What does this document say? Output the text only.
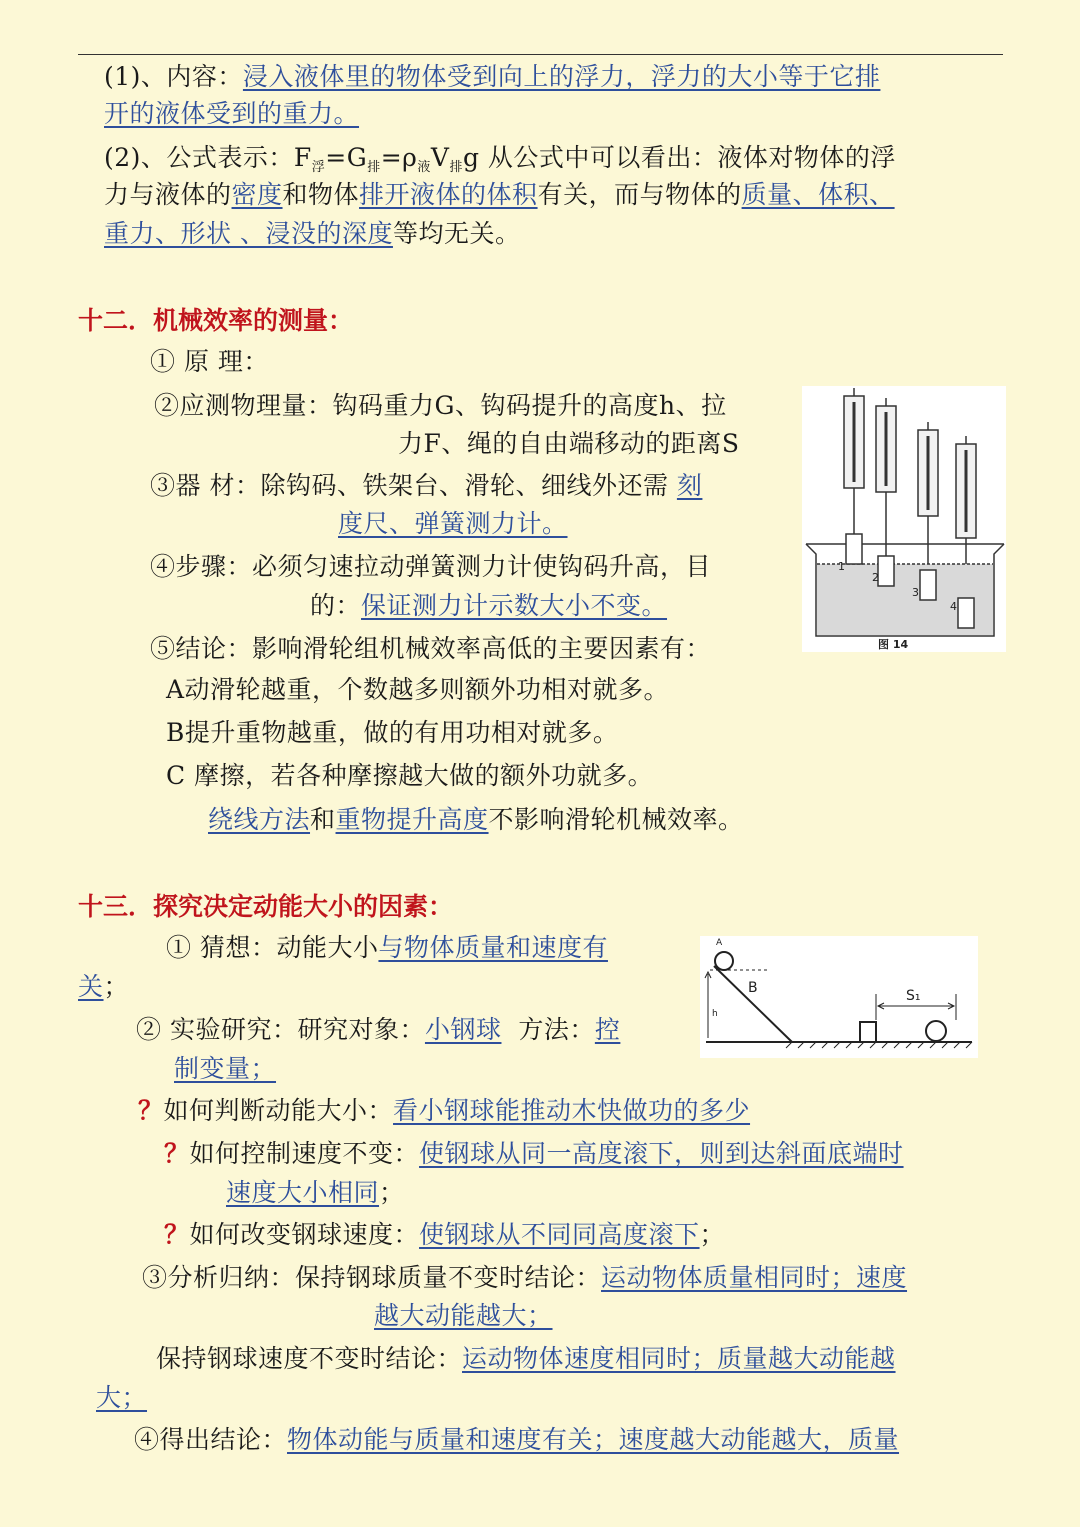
(1)、内容：浸入液体里的物体受到向上的浮力，浮力的大小等于它排
开的液体受到的重力。
(2)、公式表示：$F_浮=G_排=\rho_液V_排g$ 从公式中可以看出：液体对物体的浮
力与液体的密度和物体排开液体的体积有关，而与物体的质量、体积、
重力、形状 、浸没的深度等均无关。
十二．机械效率的测量：
① 原 理：
②应测物理量：钩码重力G、钩码提升的高度h、拉
力F、绳的自由端移动的距离S
③器 材：除钩码、铁架台、滑轮、细线外还需 刻
度尺、弹簧测力计。
④步骤：必须匀速拉动弹簧测力计使钩码升高，目
的：保证测力计示数大小不变。
⑤结论：影响滑轮组机械效率高低的主要因素有：
A动滑轮越重，个数越多则额外功相对就多。
B提升重物越重，做的有用功相对就多。
C 摩擦，若各种摩擦越大做的额外功就多。
绕线方法和重物提升高度不影响滑轮机械效率。
1
2
3
4
图 14
十三．探究决定动能大小的因素：
① 猜想：动能大小与物体质量和速度有
关；
② 实验研究：研究对象：小钢球  方法：控
制变量；
？如何判断动能大小：看小钢球能推动木快做功的多少
？如何控制速度不变：使钢球从同一高度滚下，则到达斜面底端时
速度大小相同；
？如何改变钢球速度：使钢球从不同同高度滚下；
③分析归纳：保持钢球质量不变时结论：运动物体质量相同时；速度
越大动能越大；
保持钢球速度不变时结论：运动物体速度相同时；质量越大动能越
大；
④得出结论：物体动能与质量和速度有关；速度越大动能越大，质量
A
B
h
S₁
